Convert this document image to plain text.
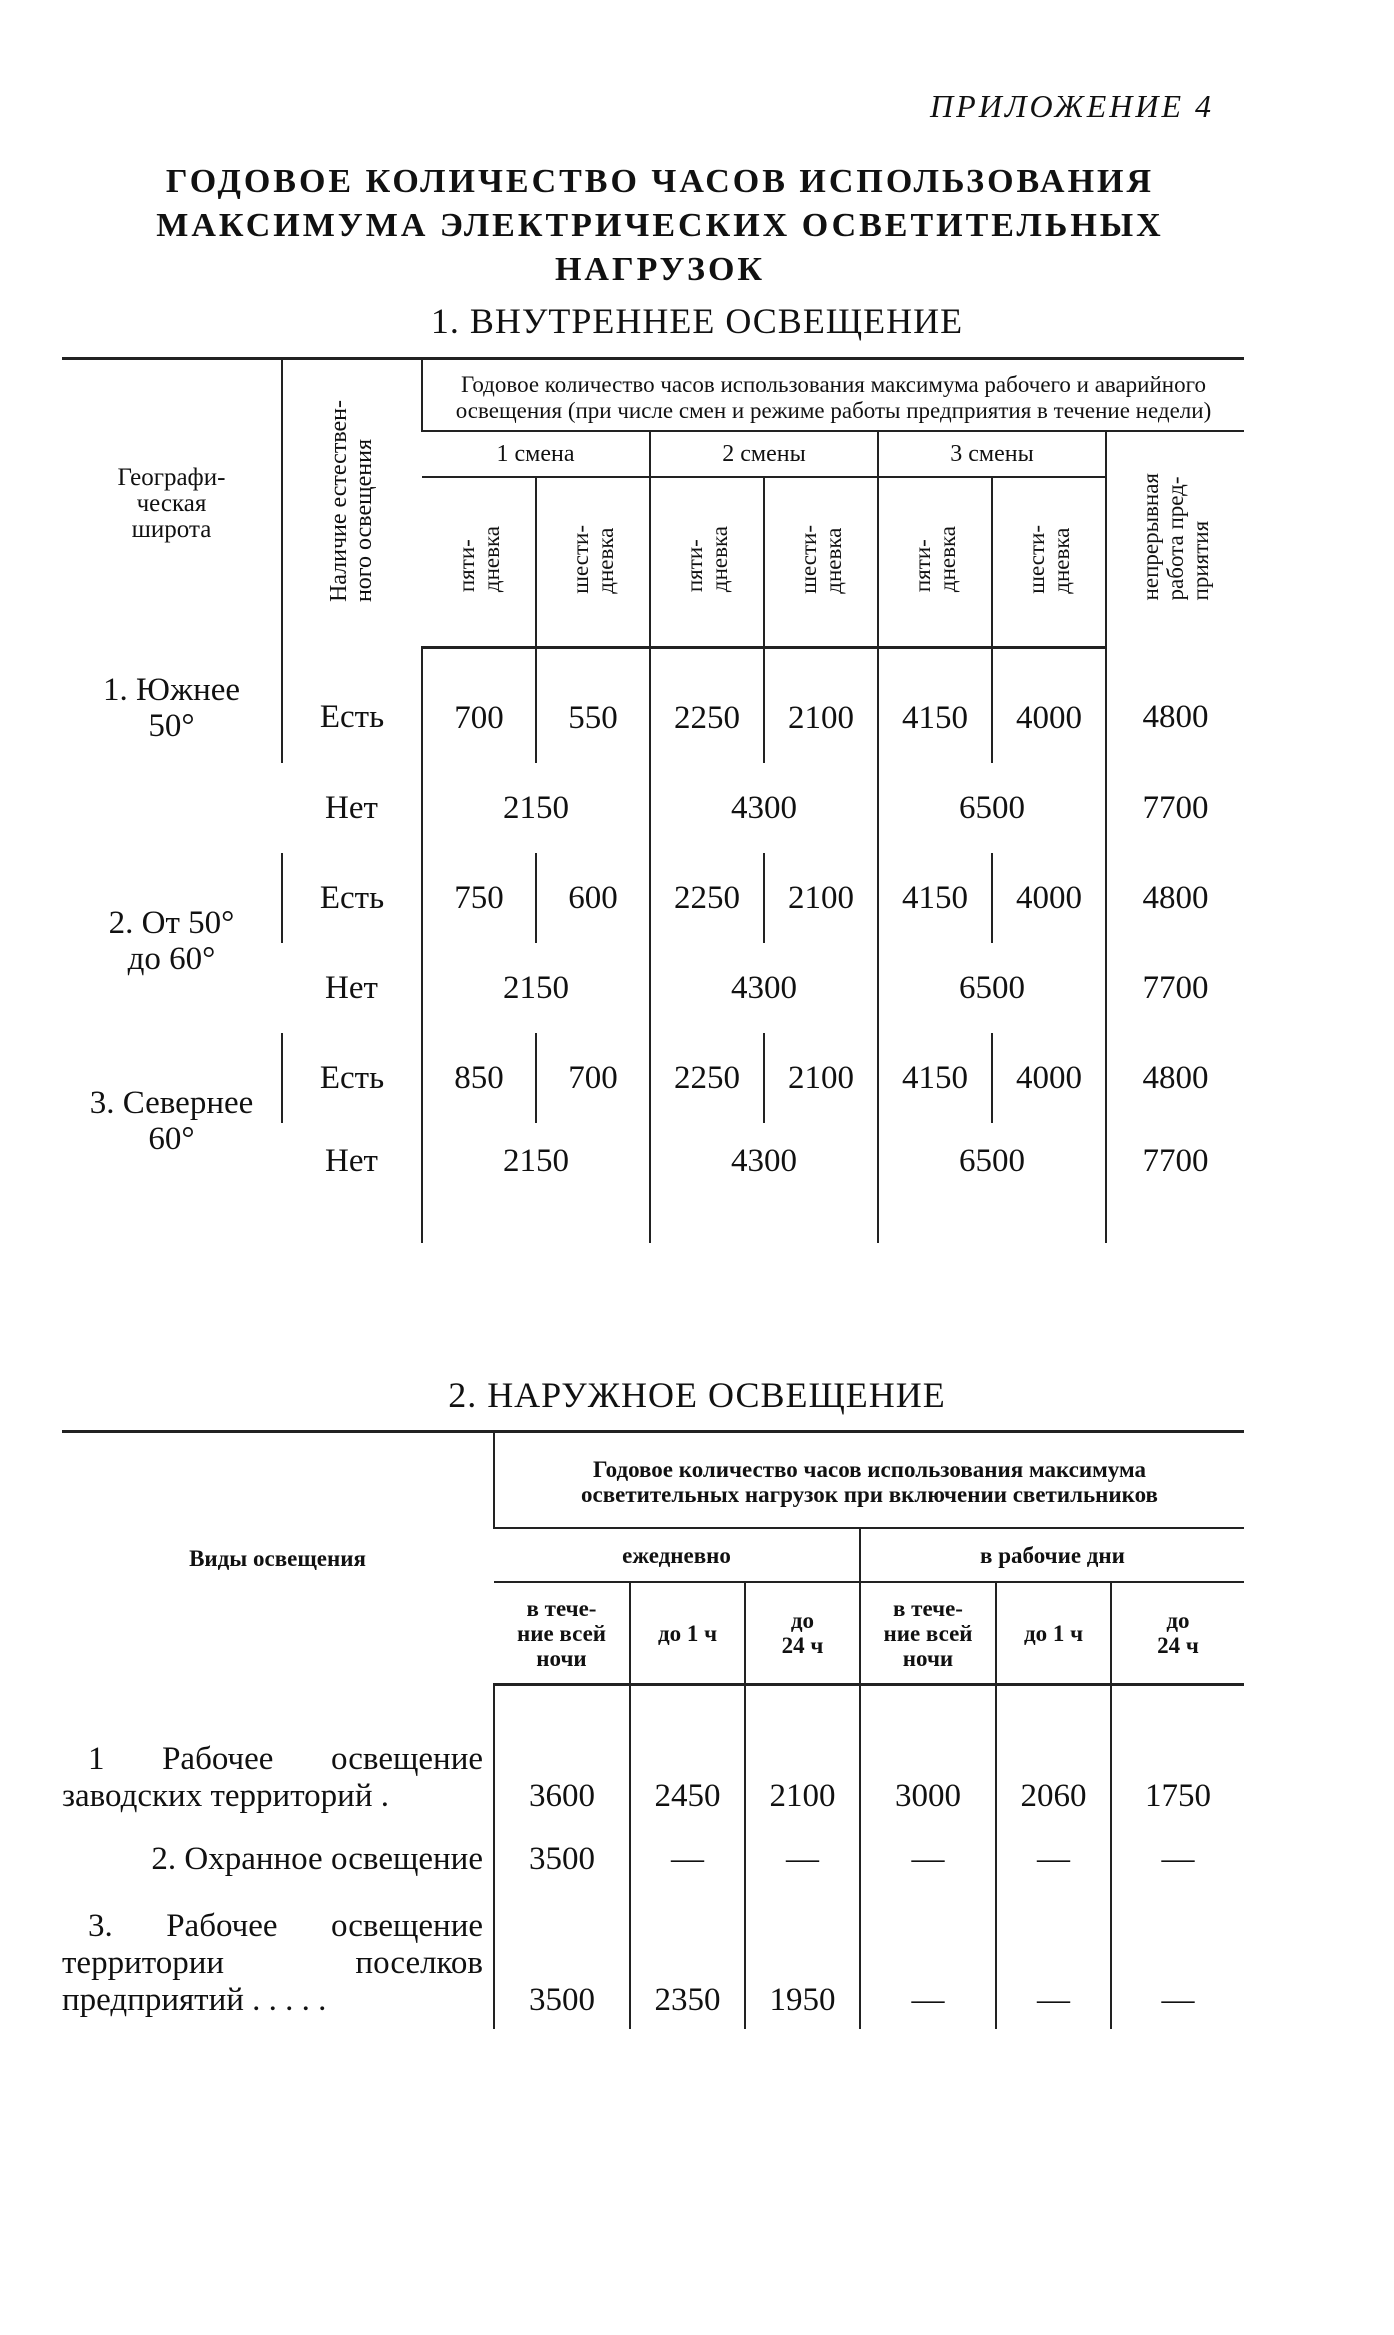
ПРИЛОЖЕНИЕ 4
ГОДОВОЕ КОЛИЧЕСТВО ЧАСОВ ИСПОЛЬЗОВАНИЯ
МАКСИМУМА ЭЛЕКТРИЧЕСКИХ ОСВЕТИТЕЛЬНЫХ
НАГРУЗОК
1. ВНУТРЕННЕЕ ОСВЕЩЕНИЕ
Географи-
ческая
широта	Наличие естествен-
ного освещения	Годовое количество часов использования максимума рабочего и аварийного освещения (при числе смен и режиме работы предприятия в течение недели)						
		1 смена		2 смены		3 смены		непрерывная
работа пред-
приятия
		пяти-
дневка	шести-
дневка	пяти-
дневка	шести-
дневка	пяти-
дневка	шести-
дневка	
1. Южнее
50°	Есть	700	550	2250	2100	4150	4000	4800
	Нет	2150		4300		6500		7700
2. От 50°
до 60°	Есть	750	600	2250	2100	4150	4000	4800
	Нет	2150		4300		6500		7700
3. Севернее
60°	Есть	850	700	2250	2100	4150	4000	4800
	Нет	2150		4300		6500		7700
2. НАРУЖНОЕ ОСВЕЩЕНИЕ
Виды освещения	Годовое количество часов использования максимума осветительных нагрузок при включении светильников					
	ежедневно			в рабочие дни		
	в тече-
ние всей
ночи	до 1 ч	до
24 ч	в тече-
ние всей
ночи	до 1 ч	до
24 ч

1 Рабочее освещение
заводских территорий .	3600	2450	2100	3000	2060	1750

2. Охранное освещение	3500	—	—	—	—	—

3. Рабочее освещение
территории поселков
предприятий . . . . .	3500	2350	1950	—	—	—
